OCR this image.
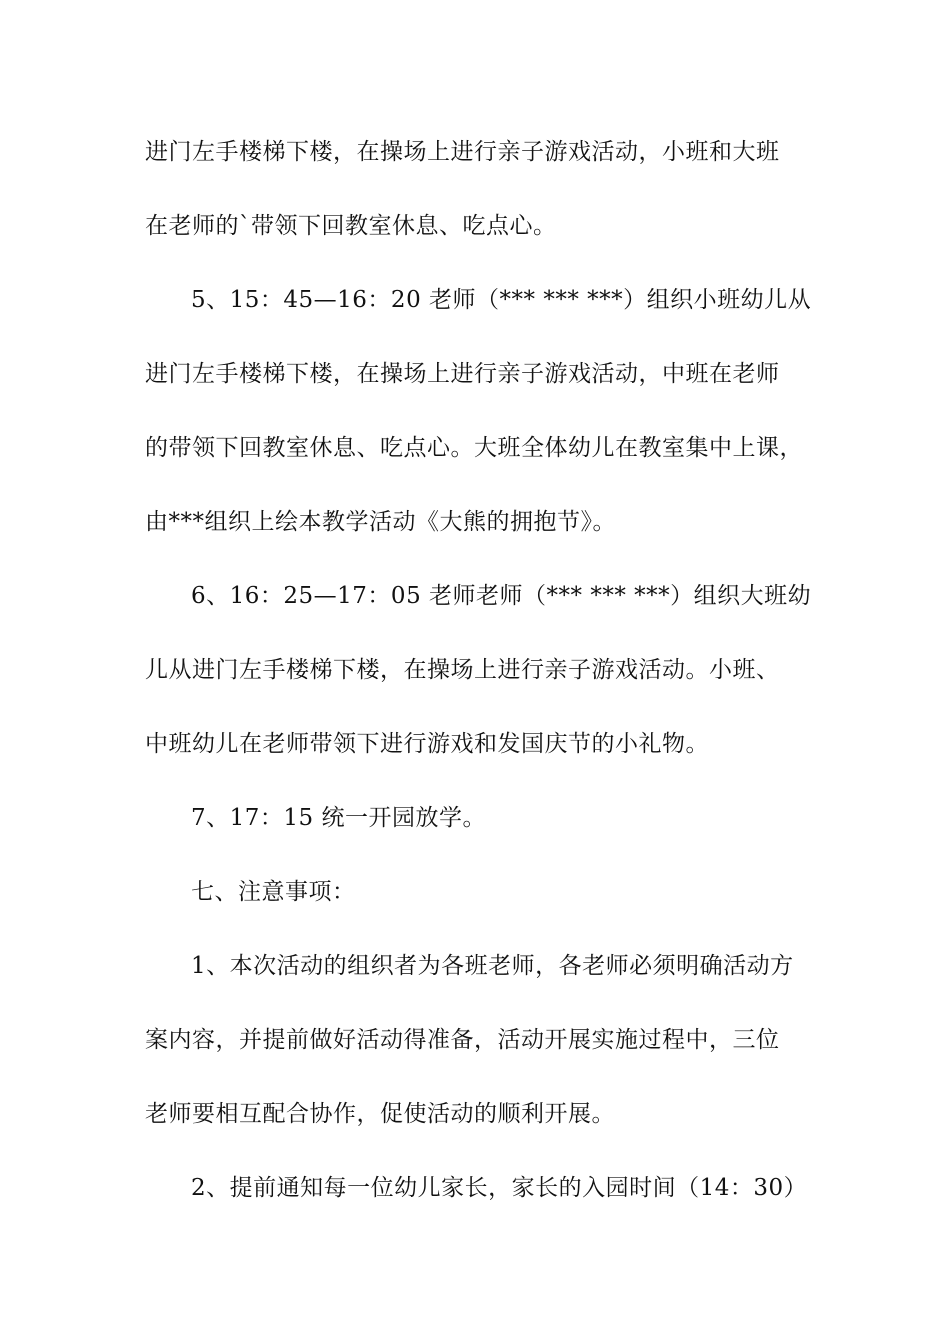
进门左手楼梯下楼，在操场上进行亲子游戏活动，小班和大班
在老师的`带领下回教室休息、吃点心。
5、15：45—16：20 老师（*** *** ***）组织小班幼儿从
进门左手楼梯下楼，在操场上进行亲子游戏活动，中班在老师
的带领下回教室休息、吃点心。大班全体幼儿在教室集中上课，
由***组织上绘本教学活动《大熊的拥抱节》。
6、16：25—17：05 老师老师（*** *** ***）组织大班幼
儿从进门左手楼梯下楼，在操场上进行亲子游戏活动。小班、
中班幼儿在老师带领下进行游戏和发国庆节的小礼物。
7、17：15 统一开园放学。
七、注意事项：
1、本次活动的组织者为各班老师，各老师必须明确活动方
案内容，并提前做好活动得准备，活动开展实施过程中，三位
老师要相互配合协作，促使活动的顺利开展。
2、提前通知每一位幼儿家长，家长的入园时间（14：30）
